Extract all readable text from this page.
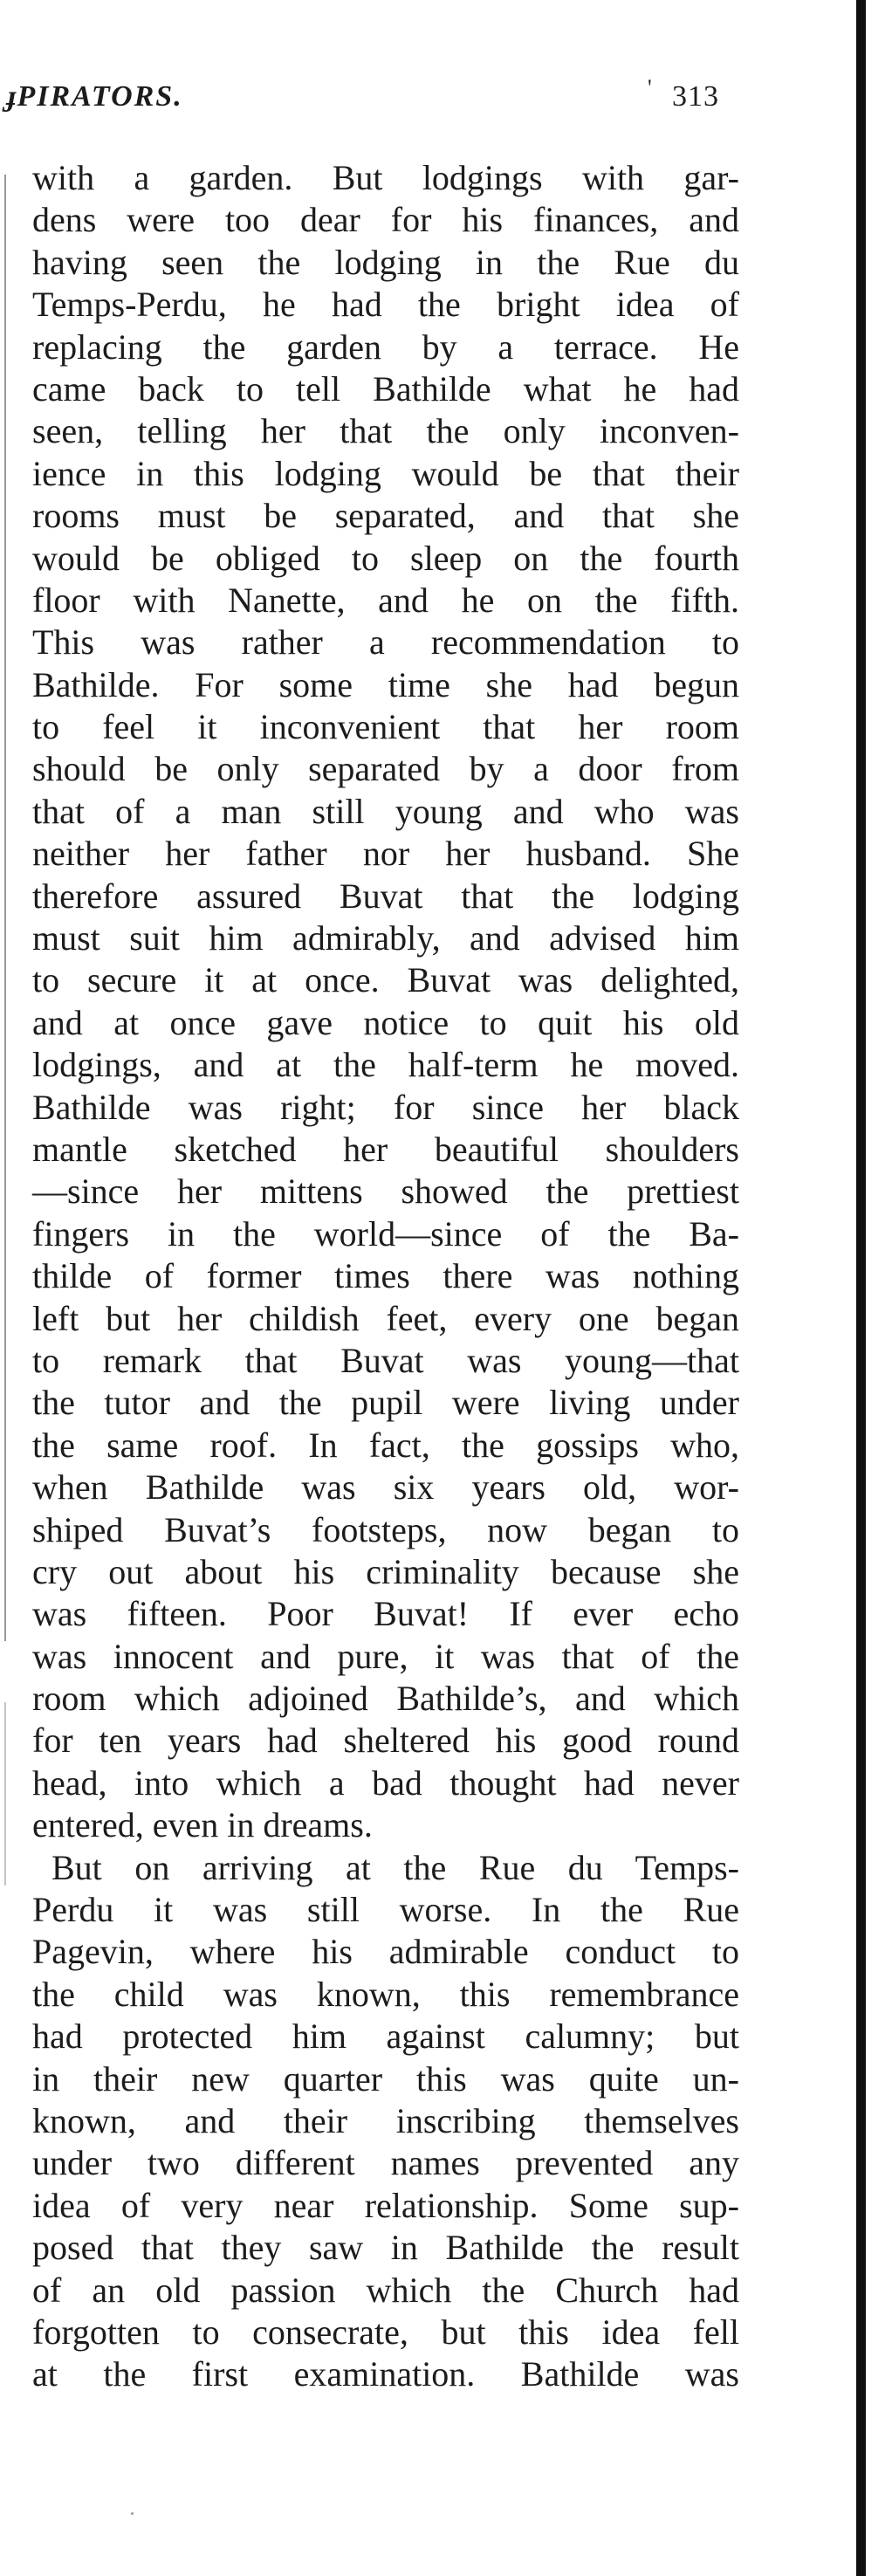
ɟPIRATORS.	' 313
with a garden. But lodgings with gar-
dens were too dear for his finances, and
having seen the lodging in the Rue du
Temps-Perdu, he had the bright idea of
replacing the garden by a terrace. He
came back to tell Bathilde what he had
seen, telling her that the only inconven-
ience in this lodging would be that their
rooms must be separated, and that she
would be obliged to sleep on the fourth
floor with Nanette, and he on the fifth.
This was rather a recommendation to
Bathilde. For some time she had begun
to feel it inconvenient that her room
should be only separated by a door from
that of a man still young and who was
neither her father nor her husband. She
therefore assured Buvat that the lodging
must suit him admirably, and advised him
to secure it at once. Buvat was delighted,
and at once gave notice to quit his old
lodgings, and at the half-term he moved.
Bathilde was right; for since her black
mantle sketched her beautiful shoulders
—since her mittens showed the prettiest
fingers in the world—since of the Ba-
thilde of former times there was nothing
left but her childish feet, every one began
to remark that Buvat was young—that
the tutor and the pupil were living under
the same roof. In fact, the gossips who,
when Bathilde was six years old, wor-
shiped Buvat’s footsteps, now began to
cry out about his criminality because she
was fifteen. Poor Buvat! If ever echo
was innocent and pure, it was that of the
room which adjoined Bathilde’s, and which
for ten years had sheltered his good round
head, into which a bad thought had never
entered, even in dreams.
But on arriving at the Rue du Temps-
Perdu it was still worse. In the Rue
Pagevin, where his admirable conduct to
the child was known, this remembrance
had protected him against calumny; but
in their new quarter this was quite un-
known, and their inscribing themselves
under two different names prevented any
idea of very near relationship. Some sup-
posed that they saw in Bathilde the result
of an old passion which the Church had
forgotten to consecrate, but this idea fell
at the first examination. Bathilde was
